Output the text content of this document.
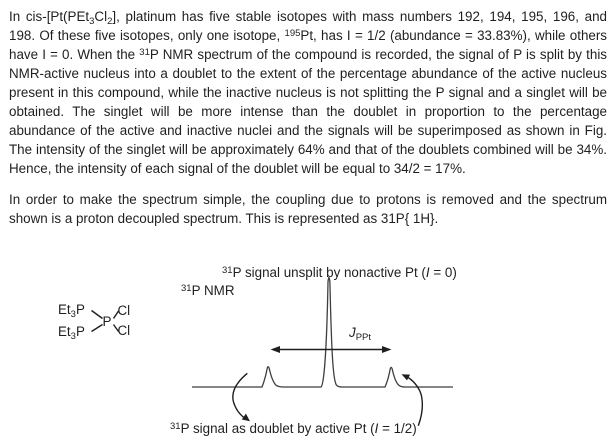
In cis-[$Pt(PEt_3Cl_2]$, platinum has five stable isotopes with mass numbers 192, 194, 195, 196, and 198. Of these five isotopes, only one isotope, $^{195}$Pt, has I = 1/2 (abundance = 33.83%), while others have I = 0. When the $^{31}$P NMR spectrum of the compound is recorded, the signal of P is split by this NMR-active nucleus into a doublet to the extent of the percentage abundance of the active nucleus present in this compound, while the inactive nucleus is not splitting the P signal and a singlet will be obtained. The singlet will be more intense than the doublet in proportion to the percentage abundance of the active and inactive nuclei and the signals will be superimposed as shown in Fig. The intensity of the singlet will be approximately 64% and that of the doublets combined will be 34%. Hence, the intensity of each signal of the doublet will be equal to 34/2 = 17%.

In order to make the spectrum simple, the coupling due to protons is removed and the spectrum shown is a proton decoupled spectrum. This is represented as 31P{ 1H}.

$Et_3P$
$Et_3P$
P
Cl
Cl
$^{31}$P signal unsplit by nonactive Pt (I = 0)
$^{31}$P NMR
$J_{PPt}$
$^{31}$P signal as doublet by active Pt (I = 1/2)
